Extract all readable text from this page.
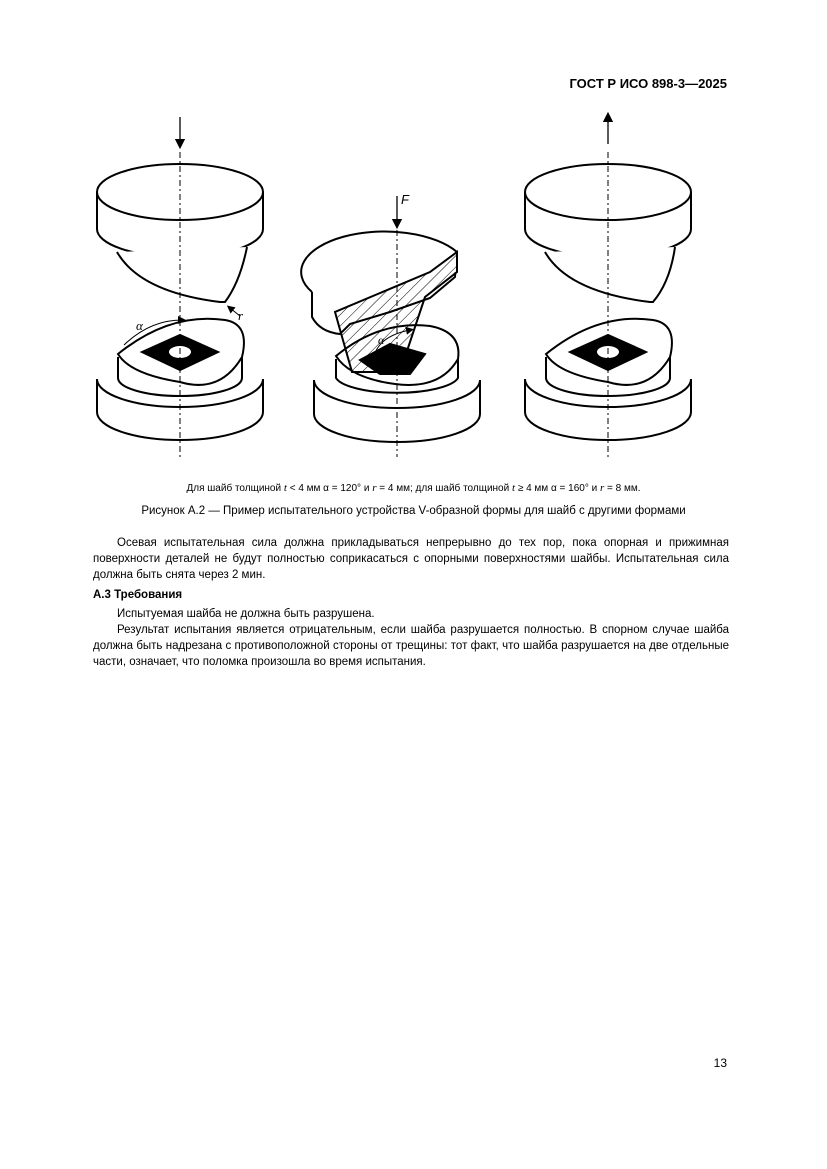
ГОСТ Р ИСО 898-3—2025
α
r
F
α
Для шайб толщиной t < 4 мм α = 120° и r = 4 мм; для шайб толщиной t ≥ 4 мм α = 160° и r = 8 мм.
Рисунок А.2 — Пример испытательного устройства V-образной формы для шайб с другими формами
Осевая испытательная сила должна прикладываться непрерывно до тех пор, пока опорная и прижимная поверхности деталей не будут полностью соприкасаться с опорными поверхностями шайбы. Испытательная сила должна быть снята через 2 мин.
А.3 Требования
Испытуемая шайба не должна быть разрушена.
Результат испытания является отрицательным, если шайба разрушается полностью. В спорном случае шайба должна быть надрезана с противоположной стороны от трещины: тот факт, что шайба разрушается на две отдельные части, означает, что поломка произошла во время испытания.
13
